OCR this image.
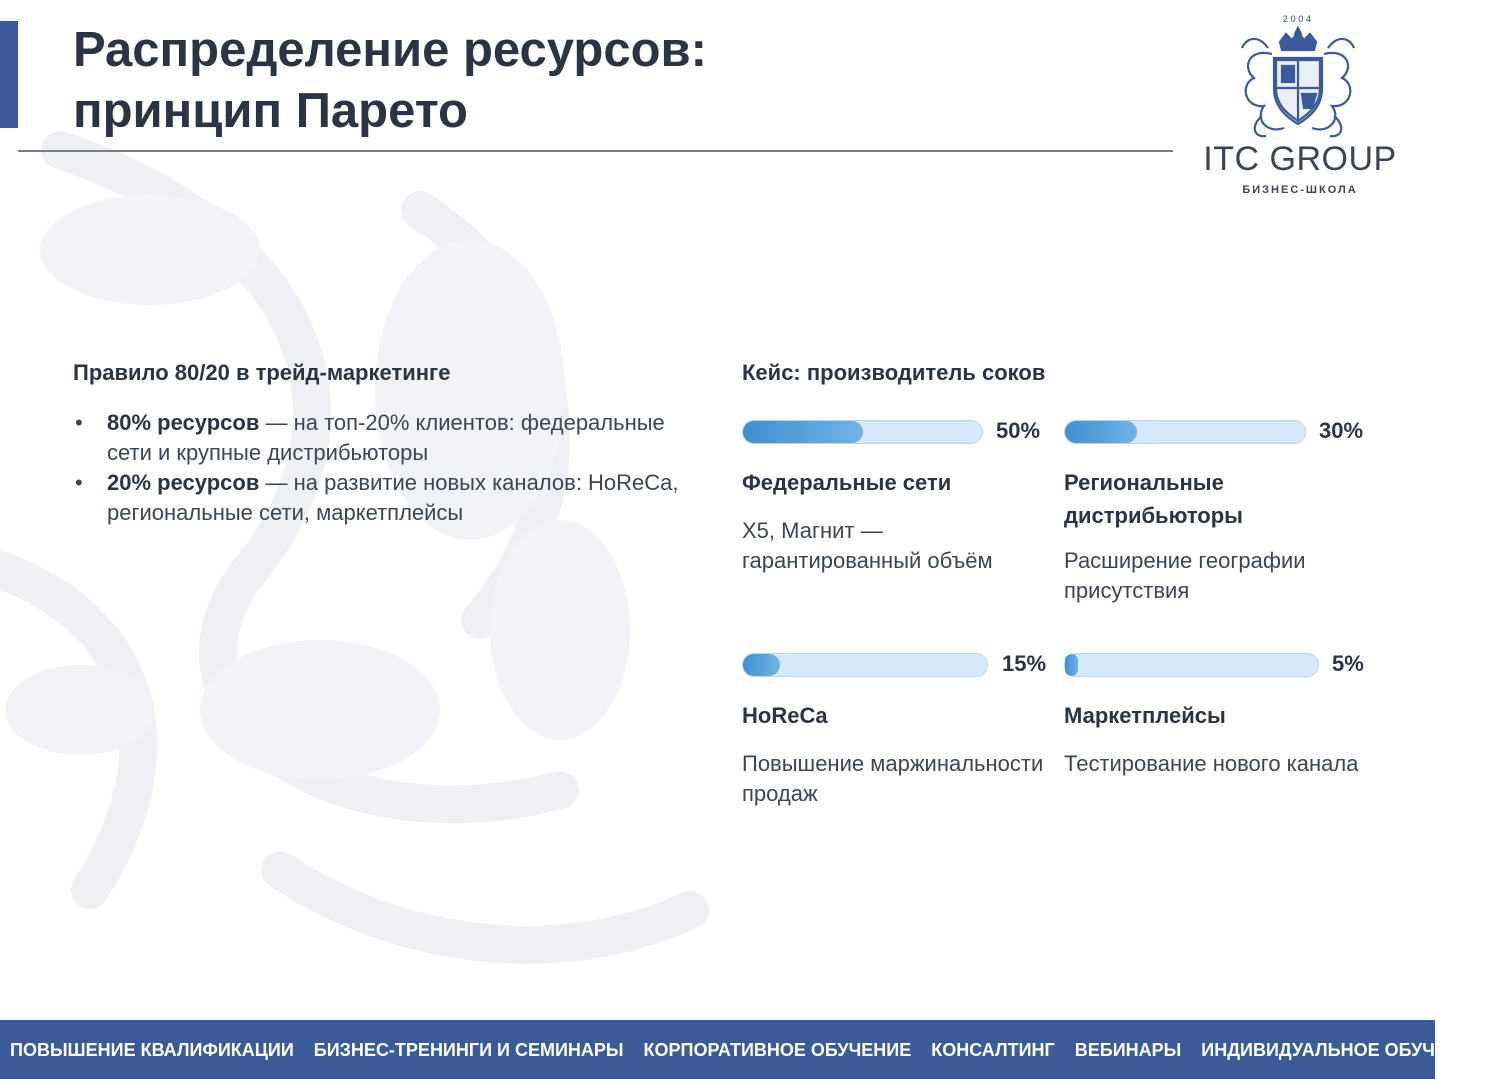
Распределение ресурсов:
принцип Парето
2004
ITC GROUP
БИЗНЕС-ШКОЛА
Правило 80/20 в трейд-маркетинге
• 80% ресурсов — на топ-20% клиентов: федеральные сети и крупные дистрибьюторы
• 20% ресурсов — на развитие новых каналов: HoReCa, региональные сети, маркетплейсы
Кейс: производитель соков
50%
Федеральные сети
X5, Магнит — гарантированный объём
30%
Региональные дистрибьюторы
Расширение географии присутствия
15%
HoReCa
Повышение маржинальности продаж
5%
Маркетплейсы
Тестирование нового канала
ПОВЫШЕНИЕ КВАЛИФИКАЦИИ	БИЗНЕС-ТРЕНИНГИ И СЕМИНАРЫ	КОРПОРАТИВНОЕ ОБУЧЕНИЕ	КОНСАЛТИНГ	ВЕБИНАРЫ	ИНДИВИДУАЛЬНОЕ ОБУЧЕНИЕ
